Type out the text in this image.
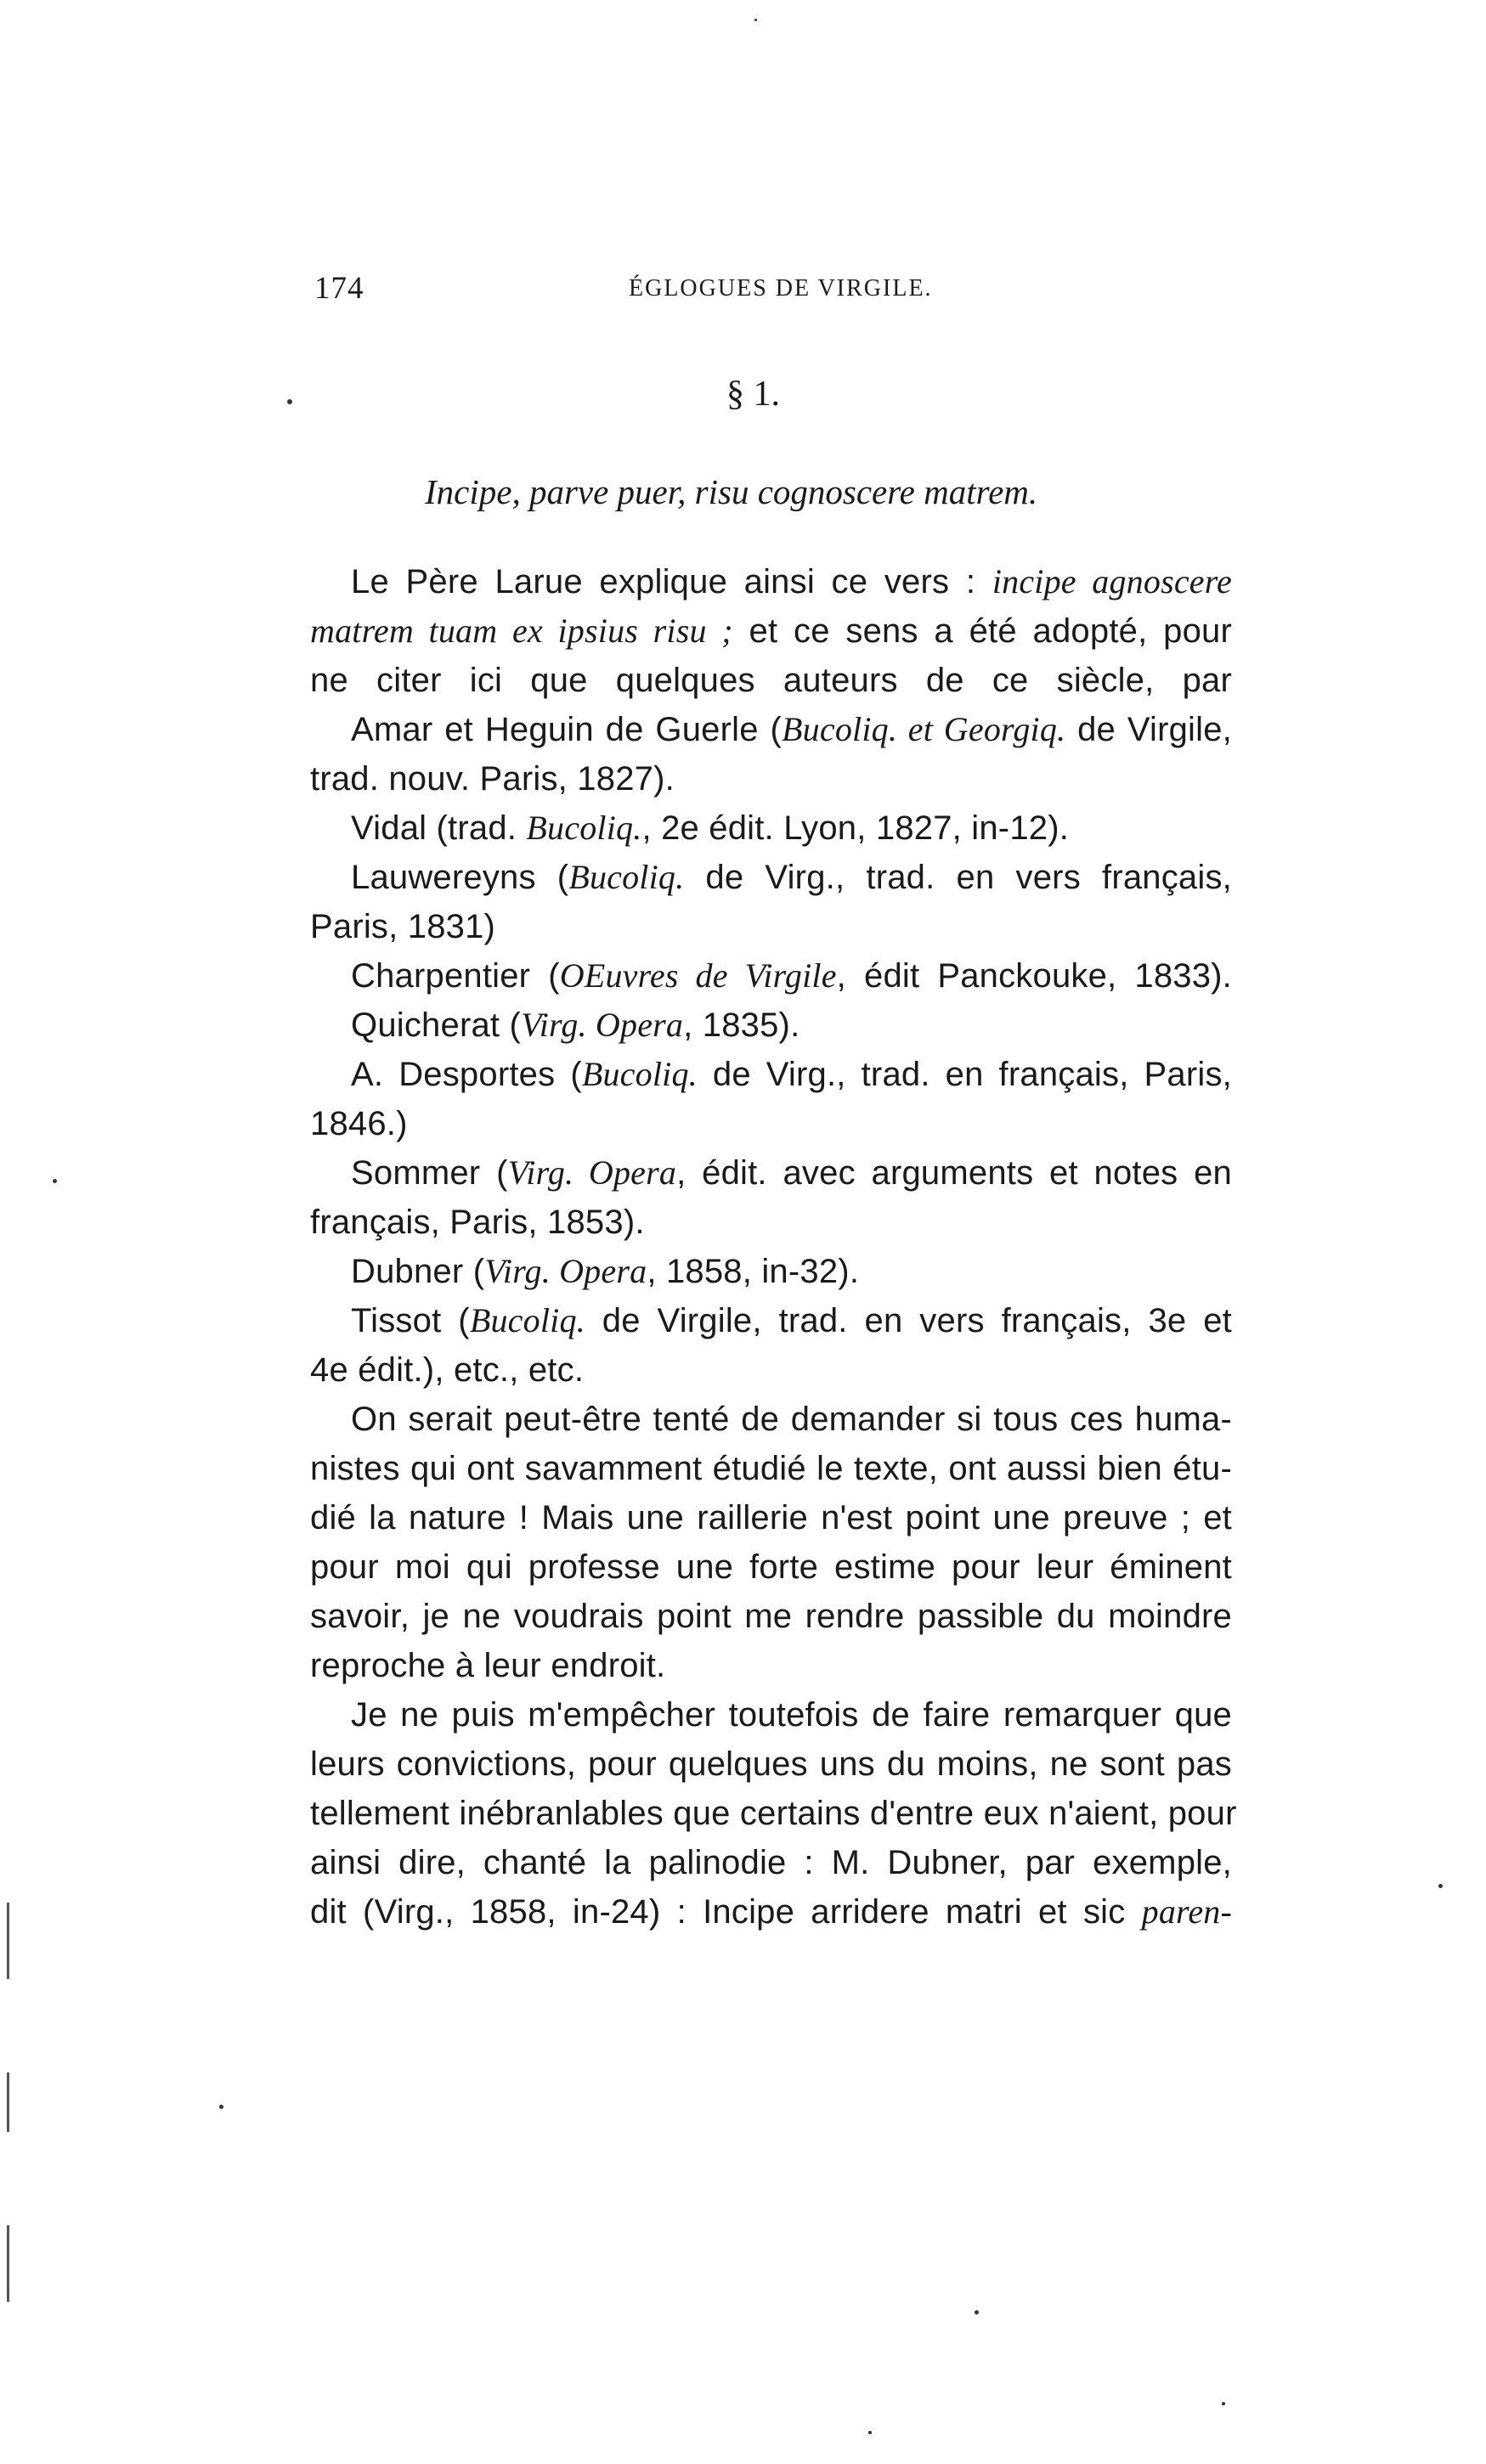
174	ÉGLOGUES DE VIRGILE.
§ 1.
Incipe, parve puer, risu cognoscere matrem.
Le Père Larue explique ainsi ce vers : incipe agnoscere
matrem tuam ex ipsius risu ; et ce sens a été adopté, pour
ne citer ici que quelques auteurs de ce siècle, par
Amar et Heguin de Guerle (Bucoliq. et Georgiq. de Virgile,
trad. nouv. Paris, 1827).
Vidal (trad. Bucoliq., 2e édit. Lyon, 1827, in-12).
Lauwereyns (Bucoliq. de Virg., trad. en vers français,
Paris, 1831)
Charpentier (OEuvres de Virgile, édit Panckouke, 1833).
Quicherat (Virg. Opera, 1835).
A. Desportes (Bucoliq. de Virg., trad. en français, Paris,
1846.)
Sommer (Virg. Opera, édit. avec arguments et notes en
français, Paris, 1853).
Dubner (Virg. Opera, 1858, in-32).
Tissot (Bucoliq. de Virgile, trad. en vers français, 3e et
4e édit.), etc., etc.
On serait peut-être tenté de demander si tous ces huma-
nistes qui ont savamment étudié le texte, ont aussi bien étu-
dié la nature ! Mais une raillerie n'est point une preuve ; et
pour moi qui professe une forte estime pour leur éminent
savoir, je ne voudrais point me rendre passible du moindre
reproche à leur endroit.
Je ne puis m'empêcher toutefois de faire remarquer que
leurs convictions, pour quelques uns du moins, ne sont pas
tellement inébranlables que certains d'entre eux n'aient, pour
ainsi dire, chanté la palinodie : M. Dubner, par exemple,
dit (Virg., 1858, in-24) : Incipe arridere matri et sic paren-
